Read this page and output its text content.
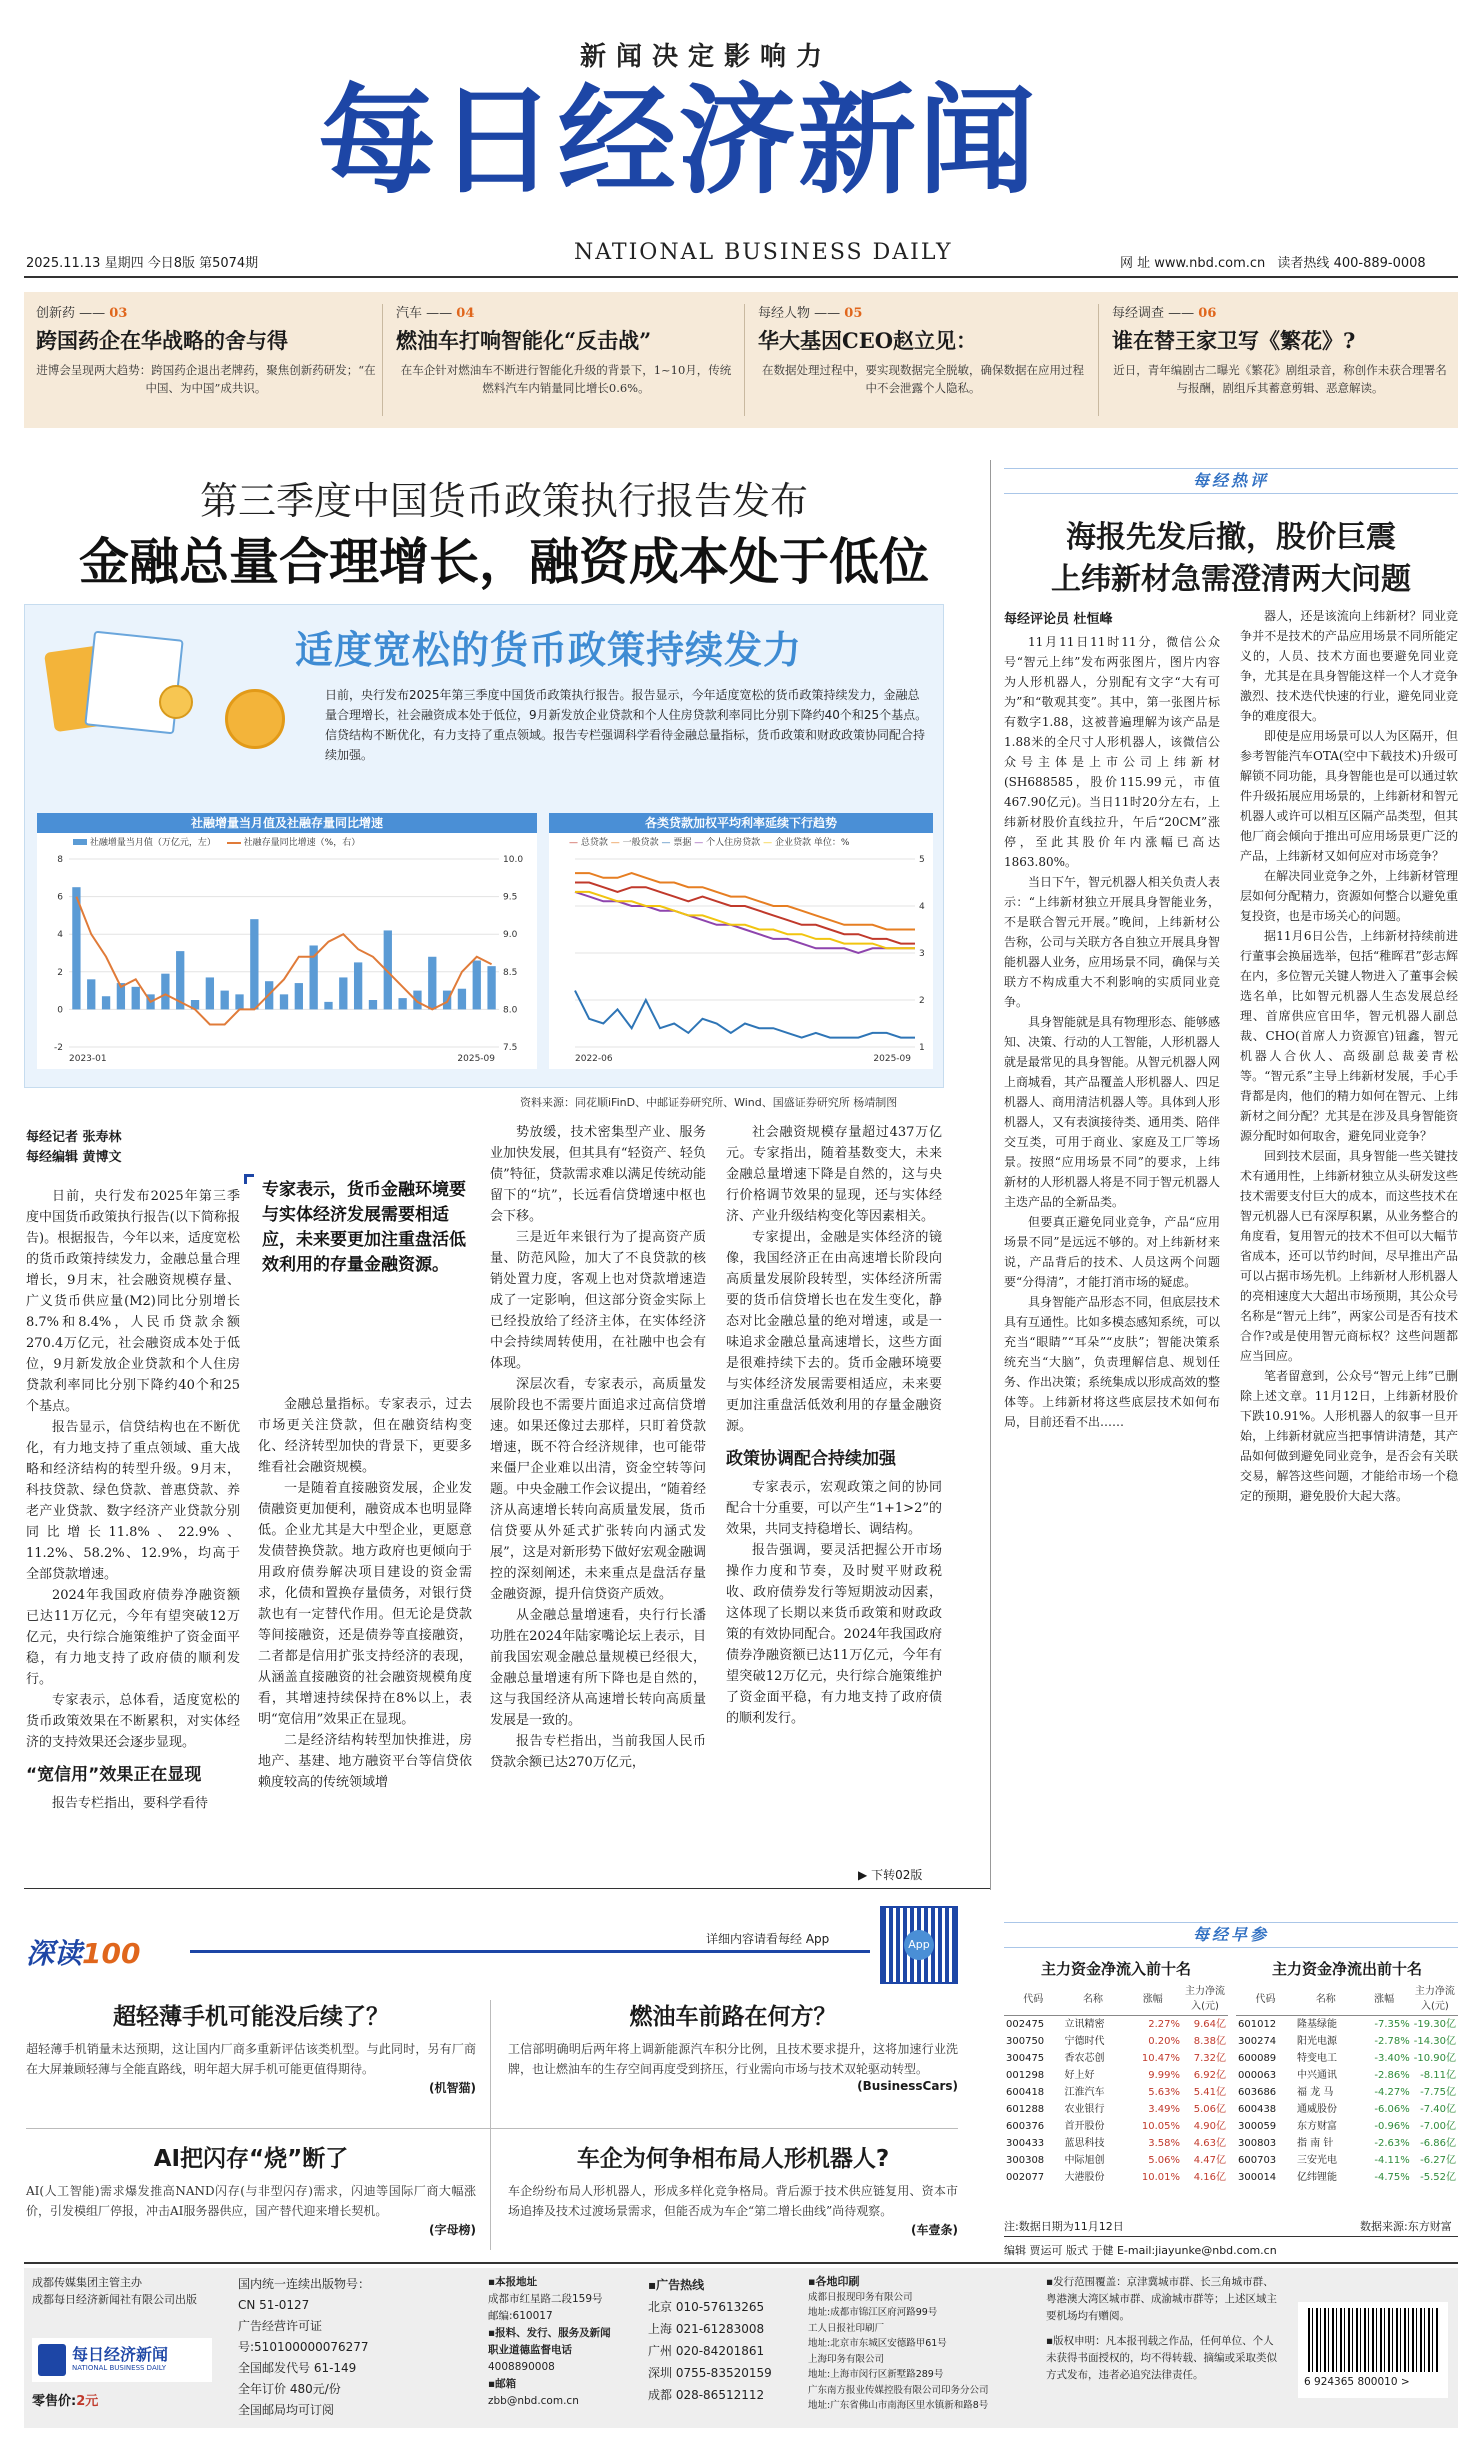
新闻决定影响力
每日经济新闻
2025.11.13 星期四 今日8版 第5074期	NATIONAL BUSINESS DAILY	网 址 www.nbd.com.cn 读者热线 400-889-0008
创新药 —— 03
跨国药企在华战略的舍与得
进博会呈现两大趋势：跨国药企退出老牌药，聚焦创新药研发；“在中国、为中国”成共识。
汽车 —— 04
燃油车打响智能化“反击战”
在车企针对燃油车不断进行智能化升级的背景下，1~10月，传统燃料汽车内销量同比增长0.6%。
每经人物 —— 05
华大基因CEO赵立见：
在数据处理过程中，要实现数据完全脱敏，确保数据在应用过程中不会泄露个人隐私。
每经调查 —— 06
谁在替王家卫写《繁花》?
近日，青年编剧古二曝光《繁花》剧组录音，称创作未获合理署名与报酬，剧组斥其蓄意剪辑、恶意解读。
第三季度中国货币政策执行报告发布
金融总量合理增长，融资成本处于低位
适度宽松的货币政策持续发力
日前，央行发布2025年第三季度中国货币政策执行报告。报告显示，今年适度宽松的货币政策持续发力，金融总量合理增长，社会融资成本处于低位，9月新发放企业贷款和个人住房贷款利率同比分别下降约40个和25个基点。信贷结构不断优化，有力支持了重点领域。报告专栏强调科学看待金融总量指标，货币政策和财政政策协同配合持续加强。
社融增量当月值及社融存量同比增速
社融增量当月值（万亿元，左）	社融存量同比增速（%，右）
8
6
4
2
0
-2
10.0
9.5
9.0
8.5
8.0
7.5
2023-01	2025-09
各类贷款加权平均利率延续下行趋势
— 总贷款 — 一般贷款 — 票据 — 个人住房贷款 — 企业贷款 单位：%
5
4
3
2
1
2022-06	2025-09
资料来源：同花顺iFinD、中邮证券研究所、Wind、国盛证券研究所 杨靖制图
每经记者 张寿林
每经编辑 黄博文
专家表示，货币金融环境要与实体经济发展需要相适应，未来要更加注重盘活低效利用的存量金融资源。

日前，央行发布2025年第三季度中国货币政策执行报告(以下简称报告)。根据报告，今年以来，适度宽松的货币政策持续发力，金融总量合理增长，9月末，社会融资规模存量、广义货币供应量(M2)同比分别增长8.7%和8.4%，人民币贷款余额270.4万亿元，社会融资成本处于低位，9月新发放企业贷款和个人住房贷款利率同比分别下降约40个和25个基点。

报告显示，信贷结构也在不断优化，有力地支持了重点领域、重大战略和经济结构的转型升级。9月末，科技贷款、绿色贷款、普惠贷款、养老产业贷款、数字经济产业贷款分别同比增长11.8%、22.9%、11.2%、58.2%、12.9%，均高于全部贷款增速。

2024年我国政府债券净融资额已达11万亿元，今年有望突破12万亿元，央行综合施策维护了资金面平稳，有力地支持了政府债的顺利发行。

专家表示，总体看，适度宽松的货币政策效果在不断累积，对实体经济的支持效果还会逐步显现。

“宽信用”效果正在显现

报告专栏指出，要科学看待

金融总量指标。专家表示，过去市场更关注贷款，但在融资结构变化、经济转型加快的背景下，更要多维看社会融资规模。

一是随着直接融资发展，企业发债融资更加便利，融资成本也明显降低。企业尤其是大中型企业，更愿意发债替换贷款。地方政府也更倾向于用政府债券解决项目建设的资金需求，化债和置换存量债务，对银行贷款也有一定替代作用。但无论是贷款等间接融资，还是债券等直接融资，二者都是信用扩张支持经济的表现，从涵盖直接融资的社会融资规模角度看，其增速持续保持在8%以上，表明“宽信用”效果正在显现。

二是经济结构转型加快推进，房地产、基建、地方融资平台等信贷依赖度较高的传统领域增

势放缓，技术密集型产业、服务业加快发展，但其具有“轻资产、轻负债”特征，贷款需求难以满足传统动能留下的“坑”，长远看信贷增速中枢也会下移。

三是近年来银行为了提高资产质量、防范风险，加大了不良贷款的核销处置力度，客观上也对贷款增速造成了一定影响，但这部分资金实际上已经投放给了经济主体，在实体经济中会持续周转使用，在社融中也会有体现。

深层次看，专家表示，高质量发展阶段也不需要片面追求过高信贷增速。如果还像过去那样，只盯着贷款增速，既不符合经济规律，也可能带来僵尸企业难以出清，资金空转等问题。中央金融工作会议提出，“随着经济从高速增长转向高质量发展，货币信贷要从外延式扩张转向内涵式发展”，这是对新形势下做好宏观金融调控的深刻阐述，未来重点是盘活存量金融资源，提升信贷资产质效。

从金融总量增速看，央行行长潘功胜在2024年陆家嘴论坛上表示，目前我国宏观金融总量规模已经很大，金融总量增速有所下降也是自然的，这与我国经济从高速增长转向高质量发展是一致的。

报告专栏指出，当前我国人民币贷款余额已达270万亿元，

社会融资规模存量超过437万亿元。专家指出，随着基数变大，未来金融总量增速下降是自然的，这与央行价格调节效果的显现，还与实体经济、产业升级结构变化等因素相关。

专家提出，金融是实体经济的镜像，我国经济正在由高速增长阶段向高质量发展阶段转型，实体经济所需要的货币信贷增长也在发生变化，静态对比金融总量的绝对增速，或是一味追求金融总量高速增长，这些方面是很难持续下去的。货币金融环境要与实体经济发展需要相适应，未来要更加注重盘活低效利用的存量金融资源。

政策协调配合持续加强

专家表示，宏观政策之间的协同配合十分重要，可以产生“1+1>2”的效果，共同支持稳增长、调结构。

报告强调，要灵活把握公开市场操作力度和节奏，及时熨平财政税收、政府债券发行等短期波动因素，这体现了长期以来货币政策和财政政策的有效协同配合。2024年我国政府债券净融资额已达11万亿元，今年有望突破12万亿元，央行综合施策维护了资金面平稳，有力地支持了政府债的顺利发行。

▶ 下转02版
每经热评
海报先发后撤，股价巨震
上纬新材急需澄清两大问题
每经评论员 杜恒峰

11月11日11时11分，微信公众号“智元上纬”发布两张图片，图片内容为人形机器人，分别配有文字“大有可为”和“敬观其变”。其中，第一张图片标有数字1.88，这被普遍理解为该产品是1.88米的全尺寸人形机器人，该微信公众号主体是上市公司上纬新材(SH688585，股价115.99元，市值467.90亿元)。当日11时20分左右，上纬新材股价直线拉升，午后“20CM”涨停，至此其股价年内涨幅已高达1863.80%。

当日下午，智元机器人相关负责人表示：“上纬新材独立开展具身智能业务，不是联合智元开展。”晚间，上纬新材公告称，公司与关联方各自独立开展具身智能机器人业务，应用场景不同，确保与关联方不构成重大不利影响的实质同业竞争。

具身智能就是具有物理形态、能够感知、决策、行动的人工智能，人形机器人就是最常见的具身智能。从智元机器人网上商城看，其产品覆盖人形机器人、四足机器人、商用清洁机器人等。具体到人形机器人，又有表演接待类、通用类、陪伴交互类，可用于商业、家庭及工厂等场景。按照“应用场景不同”的要求，上纬新材的人形机器人将是不同于智元机器人主迭产品的全新品类。

但要真正避免同业竞争，产品“应用场景不同”是远远不够的。对上纬新材来说，产品背后的技术、人员这两个问题要“分得清”，才能打消市场的疑虑。

具身智能产品形态不同，但底层技术具有互通性。比如多模态感知系统，可以充当“眼睛”“耳朵”“皮肤”；智能决策系统充当“大脑”，负责理解信息、规划任务、作出决策；系统集成以形成高效的整体等。上纬新材将这些底层技术如何布局，目前还看不出……

器人，还是该流向上纬新材？同业竞争并不是技术的产品应用场景不同所能定义的，人员、技术方面也要避免同业竞争，尤其是在具身智能这样一个人才竞争激烈、技术迭代快速的行业，避免同业竞争的难度很大。

即使是应用场景可以人为区隔开，但参考智能汽车OTA(空中下载技术)升级可解锁不同功能，具身智能也是可以通过软件升级拓展应用场景的，上纬新材和智元机器人或许可以相互区隔产品类型，但其他厂商会倾向于推出可应用场景更广泛的产品，上纬新材又如何应对市场竞争？

在解决同业竞争之外，上纬新材管理层如何分配精力，资源如何整合以避免重复投资，也是市场关心的问题。

据11月6日公告，上纬新材持续前进行董事会换届选举，包括“稚晖君”彭志辉在内，多位智元关键人物进入了董事会候选名单，比如智元机器人生态发展总经理、首席供应官田华，智元机器人副总裁、CHO(首席人力资源官)钮鑫，智元机器人合伙人、高级副总裁姜青松等。“智元系”主导上纬新材发展，手心手背都是肉，他们的精力如何在智元、上纬新材之间分配？尤其是在涉及具身智能资源分配时如何取舍，避免同业竞争？

回到技术层面，具身智能一些关键技术有通用性，上纬新材独立从头研发这些技术需要支付巨大的成本，而这些技术在智元机器人已有深厚积累，从业务整合的角度看，复用智元的技术不但可以大幅节省成本，还可以节约时间，尽早推出产品可以占据市场先机。上纬新材人形机器人的亮相速度大大超出市场预期，其公众号名称是“智元上纬”，两家公司是否有技术合作?或是使用智元商标权？这些问题都应当回应。

笔者留意到，公众号“智元上纬”已删除上述文章。11月12日，上纬新材股价下跌10.91%。人形机器人的叙事一旦开始，上纬新材就应当把事情讲清楚，其产品如何做到避免同业竞争，是否会有关联交易，解答这些问题，才能给市场一个稳定的预期，避免股价大起大落。

深读100	详细内容请看每经 App	App
超轻薄手机可能没后续了？
超轻薄手机销量未达预期，这让国内厂商多重新评估该类机型。与此同时，另有厂商在大屏兼顾轻薄与全能直路线，明年超大屏手机可能更值得期待。
(机智猫)
燃油车前路在何方？
工信部明确明后两年将上调新能源汽车积分比例，且技术要求提升，这将加速行业洗牌，也让燃油车的生存空间再度受到挤压，行业需向市场与技术双轮驱动转型。
(BusinessCars)
AI把闪存“烧”断了
AI(人工智能)需求爆发推高NAND闪存(与非型闪存)需求，闪迪等国际厂商大幅涨价，引发模组厂停报，冲击AI服务器供应，国产替代迎来增长契机。
(字母榜)
车企为何争相布局人形机器人?
车企纷纷布局人形机器人，形成多样化竞争格局。背后源于技术供应链复用、资本市场追捧及技术过渡场景需求，但能否成为车企“第二增长曲线”尚待观察。
(车壹条)
每经早参
主力资金净流入前十名
代码	名称	涨幅	主力净流入(元)
002475	立讯精密	2.27%	9.64亿
300750	宁德时代	0.20%	8.38亿
300475	香农芯创	10.47%	7.32亿
001298	好上好	9.99%	6.92亿
600418	江淮汽车	5.63%	5.41亿
601288	农业银行	3.49%	5.06亿
600376	首开股份	10.05%	4.90亿
300433	蓝思科技	3.58%	4.63亿
300308	中际旭创	5.06%	4.47亿
002077	大港股份	10.01%	4.16亿
主力资金净流出前十名
代码	名称	涨幅	主力净流入(元)
601012	隆基绿能	-7.35%	-19.30亿
300274	阳光电源	-2.78%	-14.30亿
600089	特变电工	-3.40%	-10.90亿
000063	中兴通讯	-2.86%	-8.11亿
603686	福 龙 马	-4.27%	-7.75亿
600438	通威股份	-6.06%	-7.40亿
300059	东方财富	-0.96%	-7.00亿
300803	指 南 针	-2.63%	-6.86亿
600703	三安光电	-4.11%	-6.27亿
300014	亿纬锂能	-4.75%	-5.52亿
注:数据日期为11月12日	数据来源:东方财富
编辑 贾运可 版式 于健 E-mail:jiayunke@nbd.com.cn
成都传媒集团主管主办
成都每日经济新闻社有限公司出版
每日经济新闻
NATIONAL BUSINESS DAILY
零售价:2元
国内统一连续出版物号：
CN 51-0127
广告经营许可证号:510100000076277
全国邮发代号 61-149
全年订价 480元/份
全国邮局均可订阅
▪本报地址
成都市红星路二段159号
邮编:610017
▪报料、发行、服务及新闻
职业道德监督电话
4008890008
▪邮箱
zbb@nbd.com.cn
▪广告热线
北京 010-57613265
上海 021-61283008
广州 020-84201861
深圳 0755-83520159
成都 028-86512112
▪各地印刷
成都日报现印务有限公司
地址:成都市锦江区府河路99号
工人日报社印刷厂
地址:北京市东城区安德路甲61号
上海印务有限公司
地址:上海市闵行区新墅路289号
广东南方报业传媒控股有限公司印务分公司
地址:广东省佛山市南海区里水镇新和路8号
▪发行范围覆盖：京津冀城市群、长三角城市群、粤港澳大湾区城市群、成渝城市群等；上述区域主要机场均有赠阅。
▪版权申明：凡本报刊载之作品，任何单位、个人未获得书面授权的，均不得转载、摘编或采取类似方式发布，违者必追究法律责任。
6 924365 800010 >
